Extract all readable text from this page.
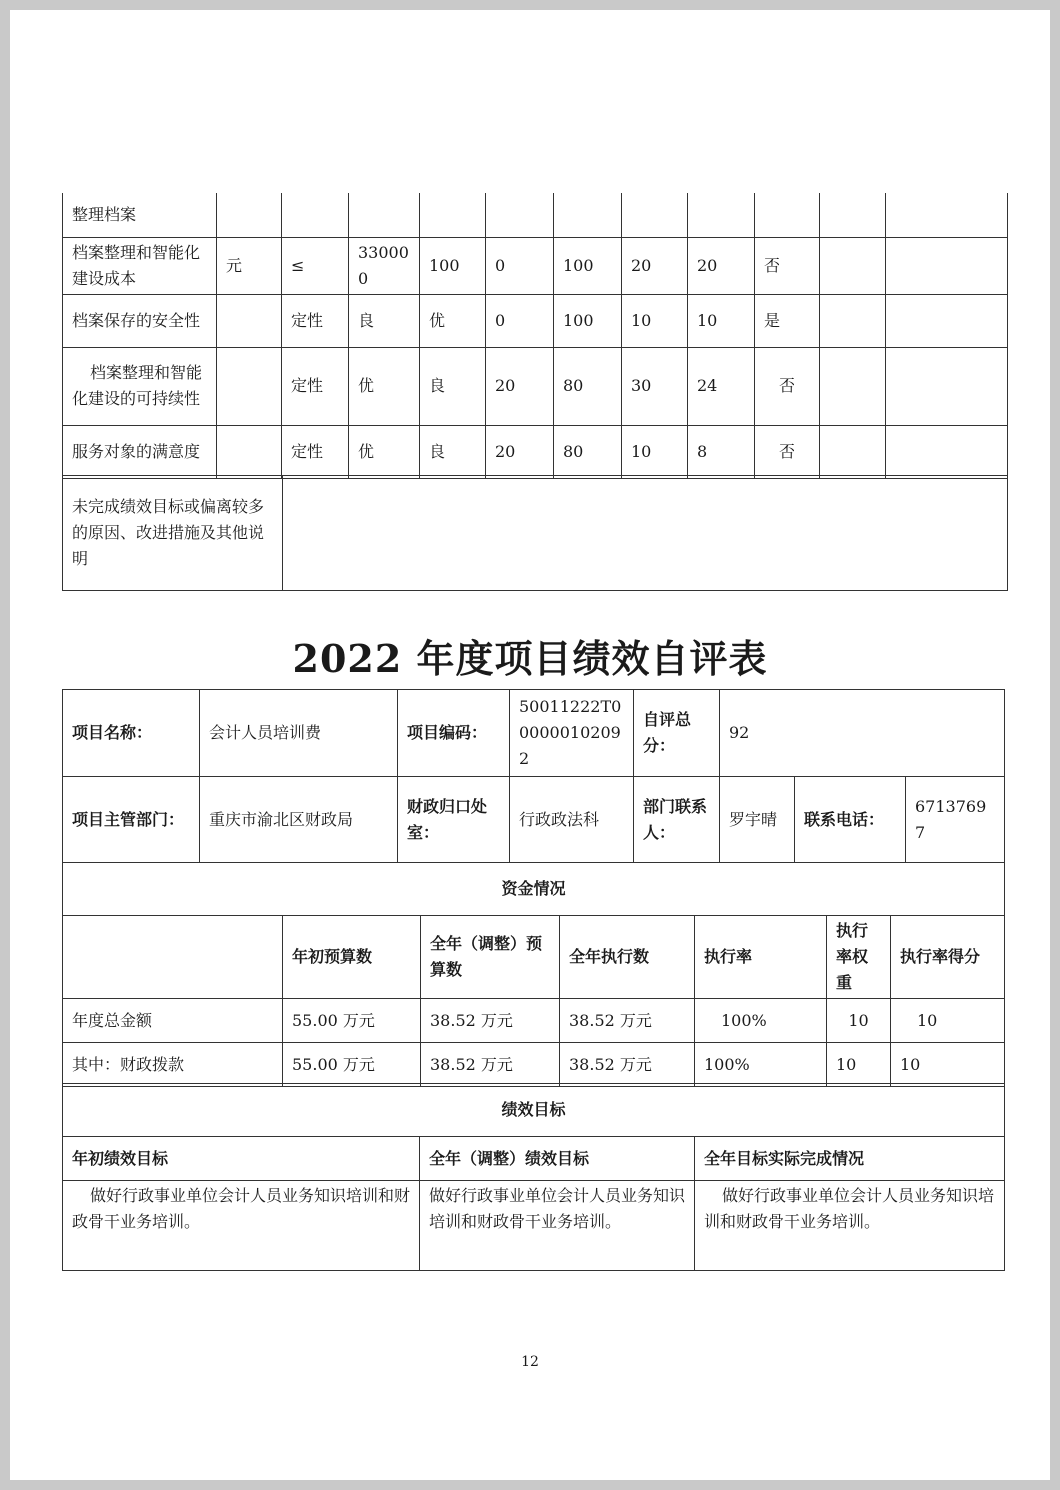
整理档案											
档案整理和智能化建设成本	元	≤	330000	100	0	100	20	20	否		
档案保存的安全性		定性	良	优	0	100	10	10	是		
档案整理和智能化建设的可持续性		定性	优	良	20	80	30	24	否		
服务对象的满意度		定性	优	良	20	80	10	8	否		
未完成绩效目标或偏离较多的原因、改进措施及其他说明	
2022 年度项目绩效自评表
项目名称：	会计人员培训费	项目编码：	50011222T000000102092	自评总分：	92		
项目主管部门：	重庆市渝北区财政局	财政归口处室：	行政政法科	部门联系人：	罗宇晴	联系电话：	67137697
资金情况						
	年初预算数	全年（调整）预算数	全年执行数	执行率	执行率权重	执行率得分
年度总金额	55.00 万元	38.52 万元	38.52 万元	100%	10	10
其中：财政拨款	55.00 万元	38.52 万元	38.52 万元	100%	10	10
绩效目标		
年初绩效目标	全年（调整）绩效目标	全年目标实际完成情况
做好行政事业单位会计人员业务知识培训和财政骨干业务培训。	做好行政事业单位会计人员业务知识培训和财政骨干业务培训。	做好行政事业单位会计人员业务知识培训和财政骨干业务培训。
12
